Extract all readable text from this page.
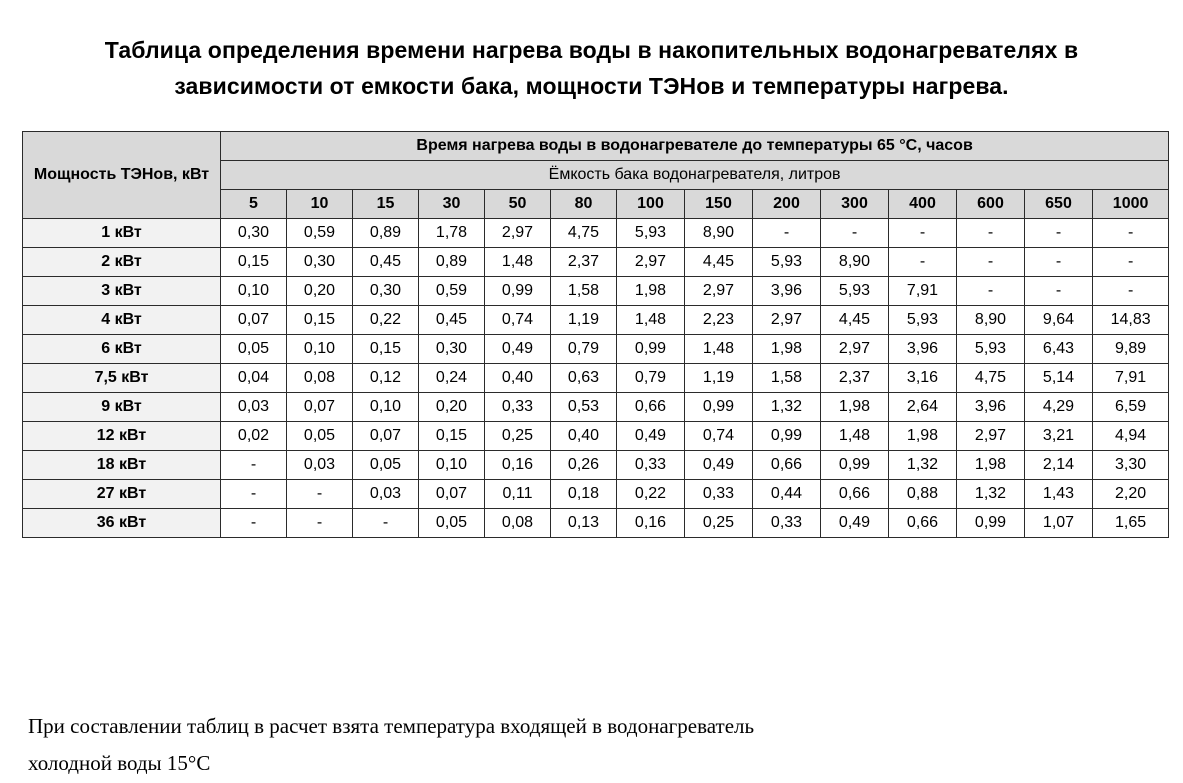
Таблица определения времени нагрева воды в накопительных водонагревателях в зависимости от емкости бака, мощности ТЭНов и температуры нагрева.
Мощность ТЭНов, кВт	Время нагрева воды в водонагревателе до температуры 65 °С, часов													
	Ёмкость бака водонагревателя, литров													
	5	10	15	30	50	80	100	150	200	300	400	600	650	1000
1 кВт	0,30	0,59	0,89	1,78	2,97	4,75	5,93	8,90	-	-	-	-	-	-
2 кВт	0,15	0,30	0,45	0,89	1,48	2,37	2,97	4,45	5,93	8,90	-	-	-	-
3 кВт	0,10	0,20	0,30	0,59	0,99	1,58	1,98	2,97	3,96	5,93	7,91	-	-	-
4 кВт	0,07	0,15	0,22	0,45	0,74	1,19	1,48	2,23	2,97	4,45	5,93	8,90	9,64	14,83
6 кВт	0,05	0,10	0,15	0,30	0,49	0,79	0,99	1,48	1,98	2,97	3,96	5,93	6,43	9,89
7,5 кВт	0,04	0,08	0,12	0,24	0,40	0,63	0,79	1,19	1,58	2,37	3,16	4,75	5,14	7,91
9 кВт	0,03	0,07	0,10	0,20	0,33	0,53	0,66	0,99	1,32	1,98	2,64	3,96	4,29	6,59
12 кВт	0,02	0,05	0,07	0,15	0,25	0,40	0,49	0,74	0,99	1,48	1,98	2,97	3,21	4,94
18 кВт	-	0,03	0,05	0,10	0,16	0,26	0,33	0,49	0,66	0,99	1,32	1,98	2,14	3,30
27 кВт	-	-	0,03	0,07	0,11	0,18	0,22	0,33	0,44	0,66	0,88	1,32	1,43	2,20
36 кВт	-	-	-	0,05	0,08	0,13	0,16	0,25	0,33	0,49	0,66	0,99	1,07	1,65

При составлении таблиц в расчет взята температура входящей в водонагреватель холодной воды 15°C
